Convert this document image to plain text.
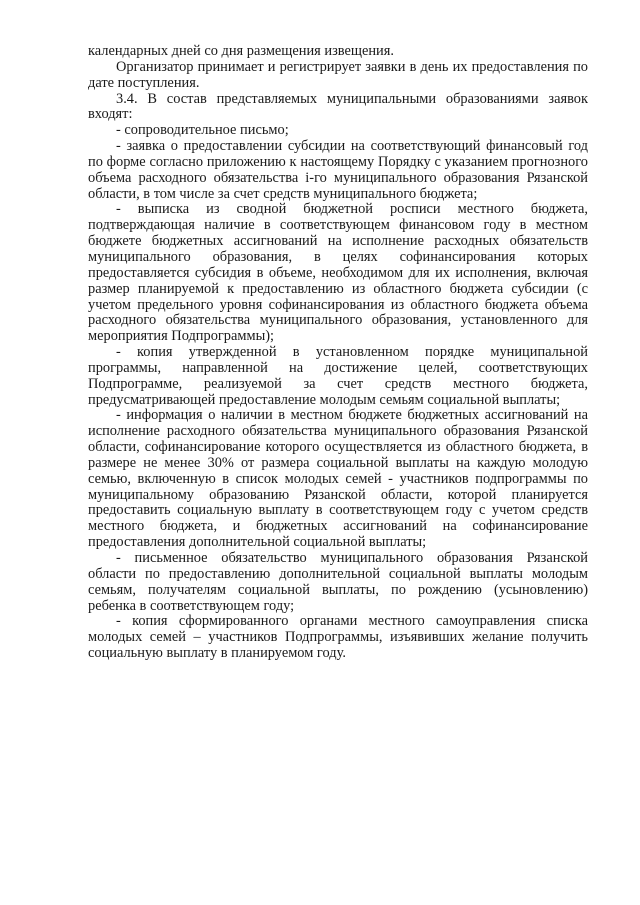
календарных дней со дня размещения извещения.

Организатор принимает и регистрирует заявки в день их предоставления по дате поступления.

3.4. В состав представляемых муниципальными образованиями заявок входят:

- сопроводительное письмо;

- заявка о предоставлении субсидии на соответствующий финансовый год по форме согласно приложению к настоящему Порядку с указанием прогнозного объема расходного обязательства i-го муниципального образования Рязанской области, в том числе за счет средств муниципального бюджета;

- выписка из сводной бюджетной росписи местного бюджета, подтверждающая наличие в соответствующем финансовом году в местном бюджете бюджетных ассигнований на исполнение расходных обязательств муниципального образования, в целях софинансирования которых предоставляется субсидия в объеме, необходимом для их исполнения, включая размер планируемой к предоставлению из областного бюджета субсидии (с учетом предельного уровня софинансирования из областного бюджета объема расходного обязательства муниципального образования, установленного для мероприятия Подпрограммы);

- копия утвержденной в установленном порядке муниципальной программы, направленной на достижение целей, соответствующих Подпрограмме, реализуемой за счет средств местного бюджета, предусматривающей предоставление молодым семьям социальной выплаты;

- информация о наличии в местном бюджете бюджетных ассигнований на исполнение расходного обязательства муниципального образования Рязанской области, софинансирование которого осуществляется из областного бюджета, в размере не менее 30% от размера социальной выплаты на каждую молодую семью, включенную в список молодых семей - участников подпрограммы по муниципальному образованию Рязанской области, которой планируется предоставить социальную выплату в соответствующем году с учетом средств местного бюджета, и бюджетных ассигнований на софинансирование предоставления дополнительной социальной выплаты;

- письменное обязательство муниципального образования Рязанской области по предоставлению дополнительной социальной выплаты молодым семьям, получателям социальной выплаты, по рождению (усыновлению) ребенка в соответствующем году;

- копия сформированного органами местного самоуправления списка молодых семей – участников Подпрограммы, изъявивших желание получить социальную выплату в планируемом году.
